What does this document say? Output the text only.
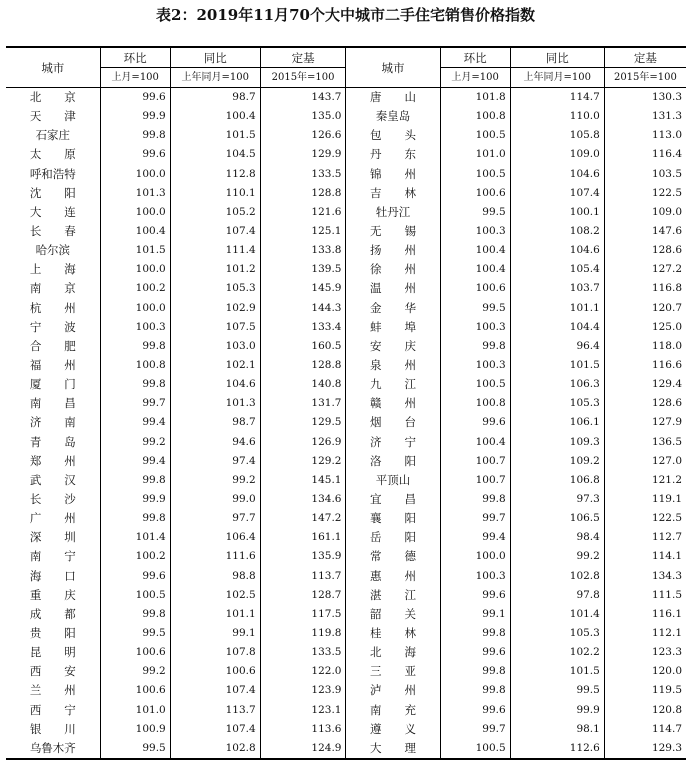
表2：2019年11月70个大中城市二手住宅销售价格指数
城市	环比	同比	定基	城市	环比	同比	定基
	上月=100	上年同月=100	2015年=100		上月=100	上年同月=100	2015年=100
北　　京	99.6	98.7	143.7	唐　　山	101.8	114.7	130.3
天　　津	99.9	100.4	135.0	秦皇岛	100.8	110.0	131.3
石家庄	99.8	101.5	126.6	包　　头	100.5	105.8	113.0
太　　原	99.6	104.5	129.9	丹　　东	101.0	109.0	116.4
呼和浩特	100.0	112.8	133.5	锦　　州	100.5	104.6	103.5
沈　　阳	101.3	110.1	128.8	吉　　林	100.6	107.4	122.5
大　　连	100.0	105.2	121.6	牡丹江	99.5	100.1	109.0
长　　春	100.4	107.4	125.1	无　　锡	100.3	108.2	147.6
哈尔滨	101.5	111.4	133.8	扬　　州	100.4	104.6	128.6
上　　海	100.0	101.2	139.5	徐　　州	100.4	105.4	127.2
南　　京	100.2	105.3	145.9	温　　州	100.6	103.7	116.8
杭　　州	100.0	102.9	144.3	金　　华	99.5	101.1	120.7
宁　　波	100.3	107.5	133.4	蚌　　埠	100.3	104.4	125.0
合　　肥	99.8	103.0	160.5	安　　庆	99.8	96.4	118.0
福　　州	100.8	102.1	128.8	泉　　州	100.3	101.5	116.6
厦　　门	99.8	104.6	140.8	九　　江	100.5	106.3	129.4
南　　昌	99.7	101.3	131.7	赣　　州	100.8	105.3	128.6
济　　南	99.4	98.7	129.5	烟　　台	99.6	106.1	127.9
青　　岛	99.2	94.6	126.9	济　　宁	100.4	109.3	136.5
郑　　州	99.4	97.4	129.2	洛　　阳	100.7	109.2	127.0
武　　汉	99.8	99.2	145.1	平顶山	100.7	106.8	121.2
长　　沙	99.9	99.0	134.6	宜　　昌	99.8	97.3	119.1
广　　州	99.8	97.7	147.2	襄　　阳	99.7	106.5	122.5
深　　圳	101.4	106.4	161.1	岳　　阳	99.4	98.4	112.7
南　　宁	100.2	111.6	135.9	常　　德	100.0	99.2	114.1
海　　口	99.6	98.8	113.7	惠　　州	100.3	102.8	134.3
重　　庆	100.5	102.5	128.7	湛　　江	99.6	97.8	111.5
成　　都	99.8	101.1	117.5	韶　　关	99.1	101.4	116.1
贵　　阳	99.5	99.1	119.8	桂　　林	99.8	105.3	112.1
昆　　明	100.6	107.8	133.5	北　　海	99.6	102.2	123.3
西　　安	99.2	100.6	122.0	三　　亚	99.8	101.5	120.0
兰　　州	100.6	107.4	123.9	泸　　州	99.8	99.5	119.5
西　　宁	101.0	113.7	123.1	南　　充	99.6	99.9	120.8
银　　川	100.9	107.4	113.6	遵　　义	99.7	98.1	114.7
乌鲁木齐	99.5	102.8	124.9	大　　理	100.5	112.6	129.3
